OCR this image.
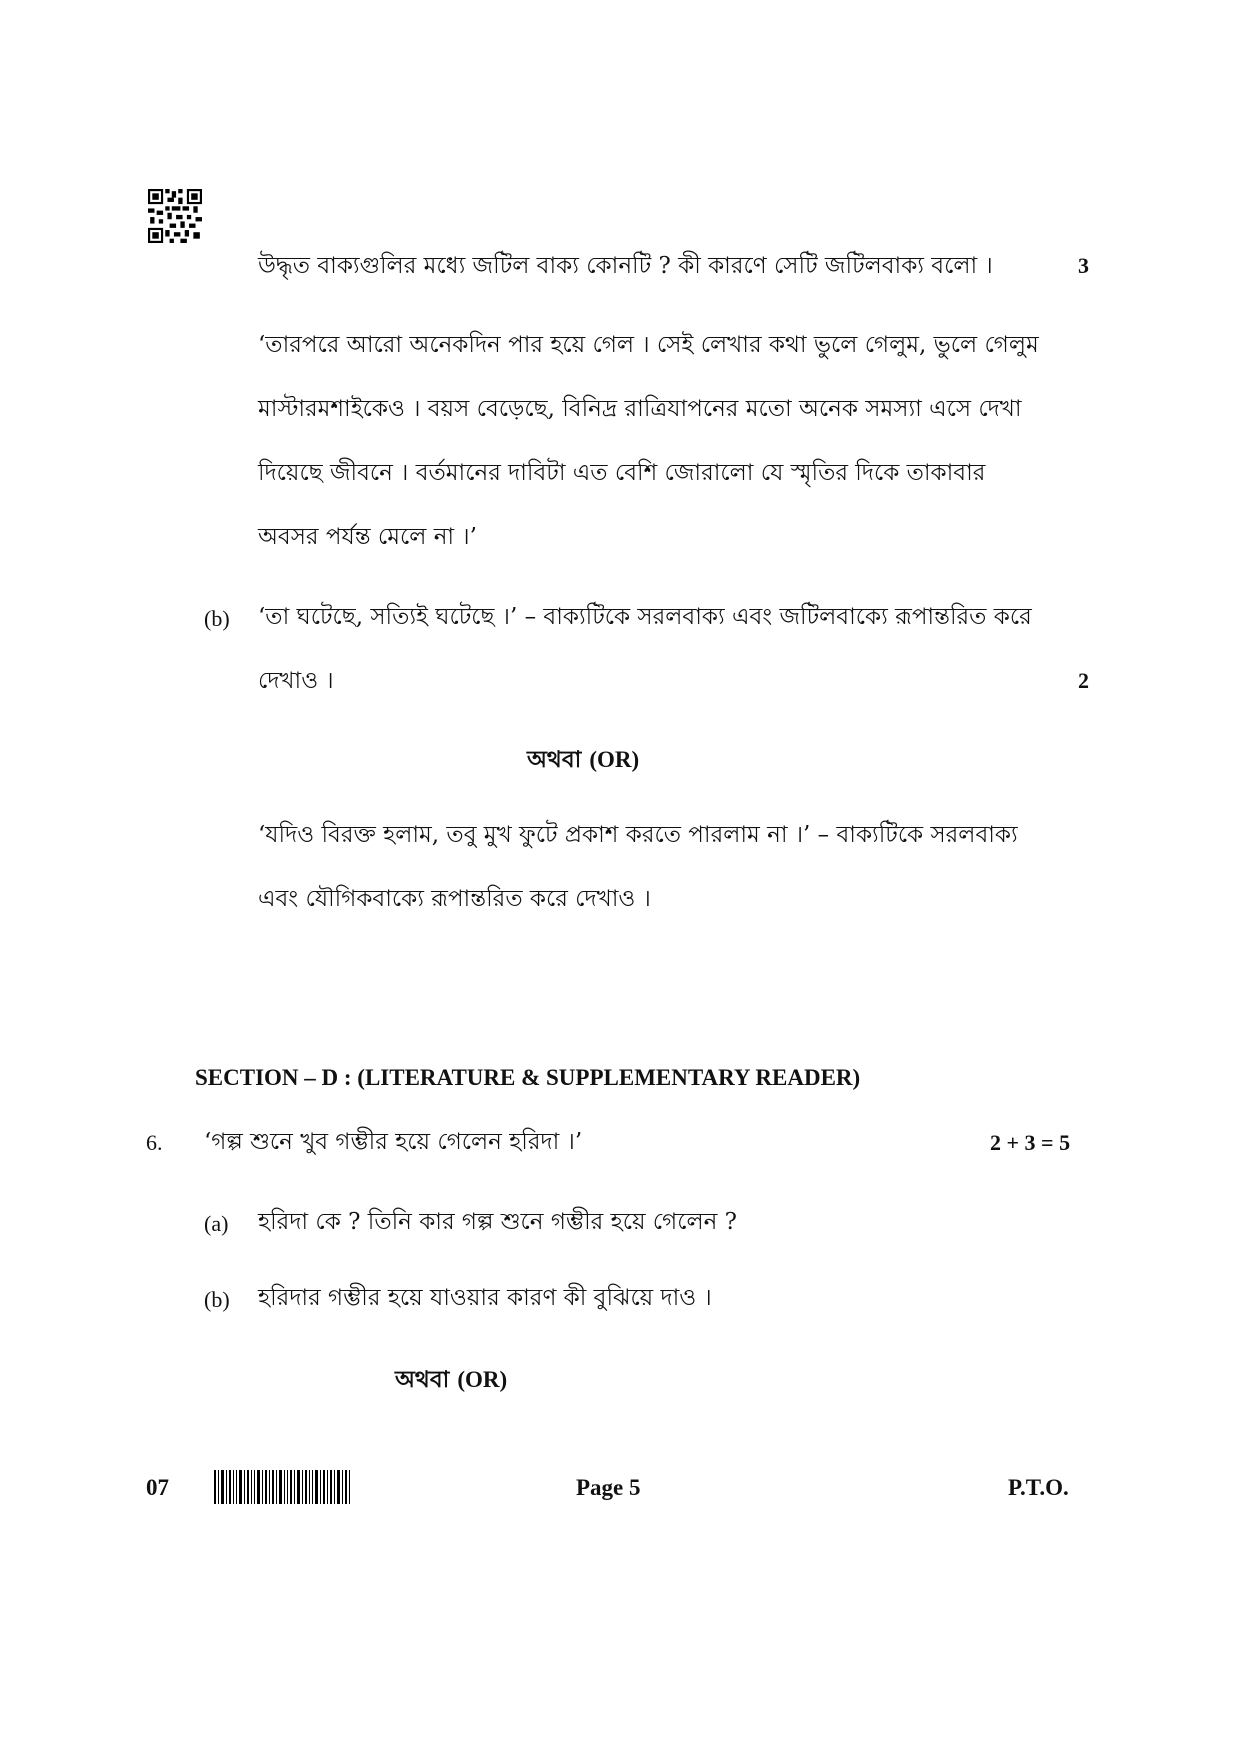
উদ্ধৃত বাক্যগুলির মধ্যে জটিল বাক্য কোনটি ? কী কারণে সেটি জটিলবাক্য বলো ।	3
‘তারপরে আরো অনেকদিন পার হয়ে গেল । সেই লেখার কথা ভুলে গেলুম, ভুলে গেলুম
মাস্টারমশাইকেও । বয়স বেড়েছে, বিনিদ্র রাত্রিযাপনের মতো অনেক সমস্যা এসে দেখা
দিয়েছে জীবনে । বর্তমানের দাবিটা এত বেশি জোরালো যে স্মৃতির দিকে তাকাবার
অবসর পর্যন্ত মেলে না ।’
(b) ‘তা ঘটেছে, সত্যিই ঘটেছে ।’ – বাক্যটিকে সরলবাক্য এবং জটিলবাক্যে রূপান্তরিত করে
দেখাও ।	2
অথবা (OR)
‘যদিও বিরক্ত হলাম, তবু মুখ ফুটে প্রকাশ করতে পারলাম না ।’ – বাক্যটিকে সরলবাক্য
এবং যৌগিকবাক্যে রূপান্তরিত করে দেখাও ।
SECTION – D : (LITERATURE & SUPPLEMENTARY READER)
6. ‘গল্প শুনে খুব গম্ভীর হয়ে গেলেন হরিদা ।’	2 + 3 = 5
(a) হরিদা কে ? তিনি কার গল্প শুনে গম্ভীর হয়ে গেলেন ?
(b) হরিদার গম্ভীর হয়ে যাওয়ার কারণ কী বুঝিয়ে দাও ।
অথবা (OR)
07	Page 5	P.T.O.
